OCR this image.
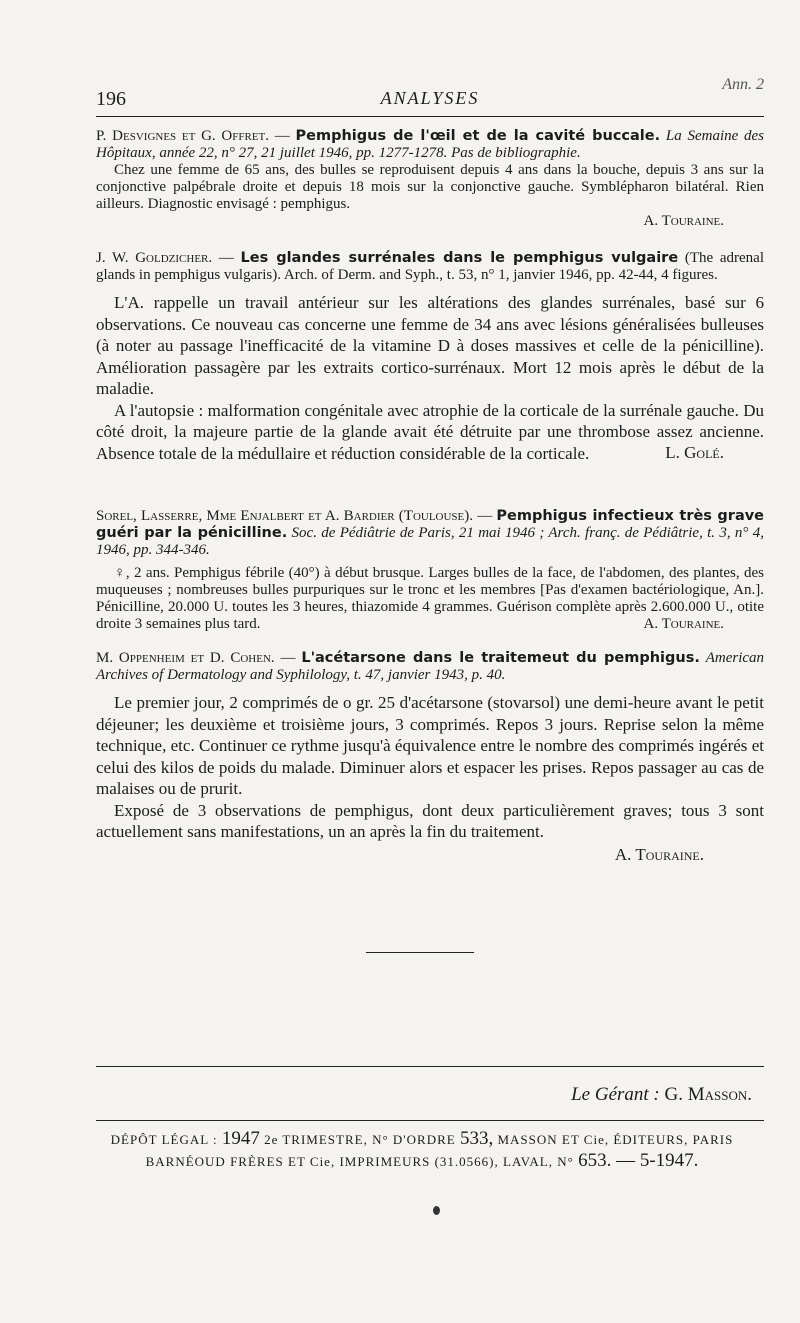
196	ANALYSES
Ann. 2

P. Desvignes et G. Offret. — Pemphigus de l'œil et de la cavité buccale. La Semaine des Hôpitaux, année 22, n° 27, 21 juillet 1946, pp. 1277-1278. Pas de bibliographie.

Chez une femme de 65 ans, des bulles se reproduisent depuis 4 ans dans la bouche, depuis 3 ans sur la conjonctive palpébrale droite et depuis 18 mois sur la conjonctive gauche. Symblépharon bilatéral. Rien ailleurs. Diagnostic envisagé : pemphigus.

A. Touraine.

J. W. Goldzicher. — Les glandes surrénales dans le pemphigus vulgaire (The adrenal glands in pemphigus vulgaris). Arch. of Derm. and Syph., t. 53, n° 1, janvier 1946, pp. 42-44, 4 figures.

L'A. rappelle un travail antérieur sur les altérations des glandes surrénales, basé sur 6 observations. Ce nouveau cas concerne une femme de 34 ans avec lésions généralisées bulleuses (à noter au passage l'inefficacité de la vitamine D à doses massives et celle de la pénicilline). Amélioration passagère par les extraits cortico-surrénaux. Mort 12 mois après le début de la maladie.

A l'autopsie : malformation congénitale avec atrophie de la corticale de la surrénale gauche. Du côté droit, la majeure partie de la glande avait été détruite par une thrombose assez ancienne. Absence totale de la médullaire et réduction considérable de la corticale.	L. Golé.

Sorel, Lasserre, Mme Enjalbert et A. Bardier (Toulouse). — Pemphigus infectieux très grave guéri par la pénicilline. Soc. de Pédiâtrie de Paris, 21 mai 1946 ; Arch. franç. de Pédiâtrie, t. 3, n° 4, 1946, pp. 344-346.

♀, 2 ans. Pemphigus fébrile (40°) à début brusque. Larges bulles de la face, de l'abdomen, des plantes, des muqueuses ; nombreuses bulles purpuriques sur le tronc et les membres [Pas d'examen bactériologique, An.]. Pénicilline, 20.000 U. toutes les 3 heures, thiazomide 4 grammes. Guérison complète après 2.600.000 U., otite droite 3 semaines plus tard.	A. Touraine.

M. Oppenheim et D. Cohen. — L'acétarsone dans le traitemeut du pemphigus. American Archives of Dermatology and Syphilology, t. 47, janvier 1943, p. 40.

Le premier jour, 2 comprimés de o gr. 25 d'acétarsone (stovarsol) une demi-heure avant le petit déjeuner; les deuxième et troisième jours, 3 comprimés. Repos 3 jours. Reprise selon la même technique, etc. Continuer ce rythme jusqu'à équivalence entre le nombre des comprimés ingérés et celui des kilos de poids du malade. Diminuer alors et espacer les prises. Repos passager au cas de malaises ou de prurit.

Exposé de 3 observations de pemphigus, dont deux particulièrement graves; tous 3 sont actuellement sans manifestations, un an après la fin du traitement.

A. Touraine.

Le Gérant : G. Masson.
DÉPÔT LÉGAL : 1947 2e TRIMESTRE, N° D'ORDRE 533, MASSON ET Cie, ÉDITEURS, PARIS
BARNÉOUD FRÈRES ET Cie, IMPRIMEURS (31.0566), LAVAL, N° 653. — 5-1947.
